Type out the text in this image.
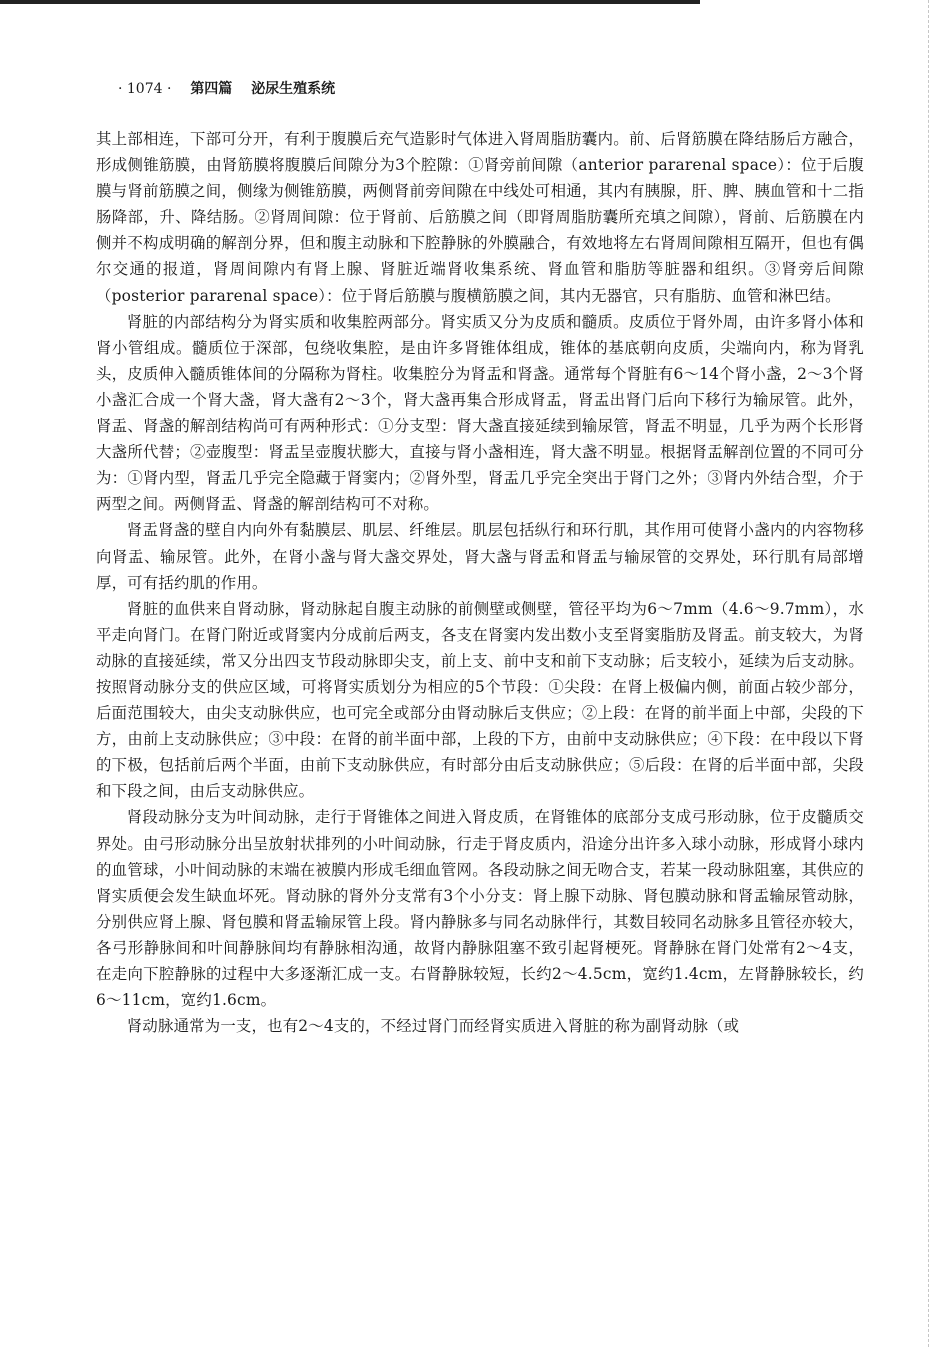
· 1074 · 第四篇 泌尿生殖系统

其上部相连，下部可分开，有利于腹膜后充气造影时气体进入肾周脂肪囊内。前、后肾筋膜在降结肠后方融合，形成侧锥筋膜，由肾筋膜将腹膜后间隙分为3个腔隙：①肾旁前间隙（anterior pararenal space）：位于后腹膜与肾前筋膜之间，侧缘为侧锥筋膜，两侧肾前旁间隙在中线处可相通，其内有胰腺，肝、脾、胰血管和十二指肠降部，升、降结肠。②肾周间隙：位于肾前、后筋膜之间（即肾周脂肪囊所充填之间隙），肾前、后筋膜在内侧并不构成明确的解剖分界，但和腹主动脉和下腔静脉的外膜融合，有效地将左右肾周间隙相互隔开，但也有偶尔交通的报道，肾周间隙内有肾上腺、肾脏近端肾收集系统、肾血管和脂肪等脏器和组织。③肾旁后间隙（posterior pararenal space）：位于肾后筋膜与腹横筋膜之间，其内无器官，只有脂肪、血管和淋巴结。

肾脏的内部结构分为肾实质和收集腔两部分。肾实质又分为皮质和髓质。皮质位于肾外周，由许多肾小体和肾小管组成。髓质位于深部，包绕收集腔，是由许多肾锥体组成，锥体的基底朝向皮质，尖端向内，称为肾乳头，皮质伸入髓质锥体间的分隔称为肾柱。收集腔分为肾盂和肾盏。通常每个肾脏有6～14个肾小盏，2～3个肾小盏汇合成一个肾大盏，肾大盏有2～3个，肾大盏再集合形成肾盂，肾盂出肾门后向下移行为输尿管。此外，肾盂、肾盏的解剖结构尚可有两种形式：①分支型：肾大盏直接延续到输尿管，肾盂不明显，几乎为两个长形肾大盏所代替；②壶腹型：肾盂呈壶腹状膨大，直接与肾小盏相连，肾大盏不明显。根据肾盂解剖位置的不同可分为：①肾内型，肾盂几乎完全隐藏于肾窦内；②肾外型，肾盂几乎完全突出于肾门之外；③肾内外结合型，介于两型之间。两侧肾盂、肾盏的解剖结构可不对称。

肾盂肾盏的壁自内向外有黏膜层、肌层、纤维层。肌层包括纵行和环行肌，其作用可使肾小盏内的内容物移向肾盂、输尿管。此外，在肾小盏与肾大盏交界处，肾大盏与肾盂和肾盂与输尿管的交界处，环行肌有局部增厚，可有括约肌的作用。

肾脏的血供来自肾动脉，肾动脉起自腹主动脉的前侧壁或侧壁，管径平均为6～7mm（4.6～9.7mm），水平走向肾门。在肾门附近或肾窦内分成前后两支，各支在肾窦内发出数小支至肾窦脂肪及肾盂。前支较大，为肾动脉的直接延续，常又分出四支节段动脉即尖支，前上支、前中支和前下支动脉；后支较小，延续为后支动脉。按照肾动脉分支的供应区域，可将肾实质划分为相应的5个节段：①尖段：在肾上极偏内侧，前面占较少部分，后面范围较大，由尖支动脉供应，也可完全或部分由肾动脉后支供应；②上段：在肾的前半面上中部，尖段的下方，由前上支动脉供应；③中段：在肾的前半面中部，上段的下方，由前中支动脉供应；④下段：在中段以下肾的下极，包括前后两个半面，由前下支动脉供应，有时部分由后支动脉供应；⑤后段：在肾的后半面中部，尖段和下段之间，由后支动脉供应。

肾段动脉分支为叶间动脉，走行于肾锥体之间进入肾皮质，在肾锥体的底部分支成弓形动脉，位于皮髓质交界处。由弓形动脉分出呈放射状排列的小叶间动脉，行走于肾皮质内，沿途分出许多入球小动脉，形成肾小球内的血管球，小叶间动脉的末端在被膜内形成毛细血管网。各段动脉之间无吻合支，若某一段动脉阻塞，其供应的肾实质便会发生缺血坏死。肾动脉的肾外分支常有3个小分支：肾上腺下动脉、肾包膜动脉和肾盂输尿管动脉，分别供应肾上腺、肾包膜和肾盂输尿管上段。肾内静脉多与同名动脉伴行，其数目较同名动脉多且管径亦较大，各弓形静脉间和叶间静脉间均有静脉相沟通，故肾内静脉阻塞不致引起肾梗死。肾静脉在肾门处常有2～4支，在走向下腔静脉的过程中大多逐渐汇成一支。右肾静脉较短，长约2～4.5cm，宽约1.4cm，左肾静脉较长，约6～11cm，宽约1.6cm。

肾动脉通常为一支，也有2～4支的，不经过肾门而经肾实质进入肾脏的称为副肾动脉（或
